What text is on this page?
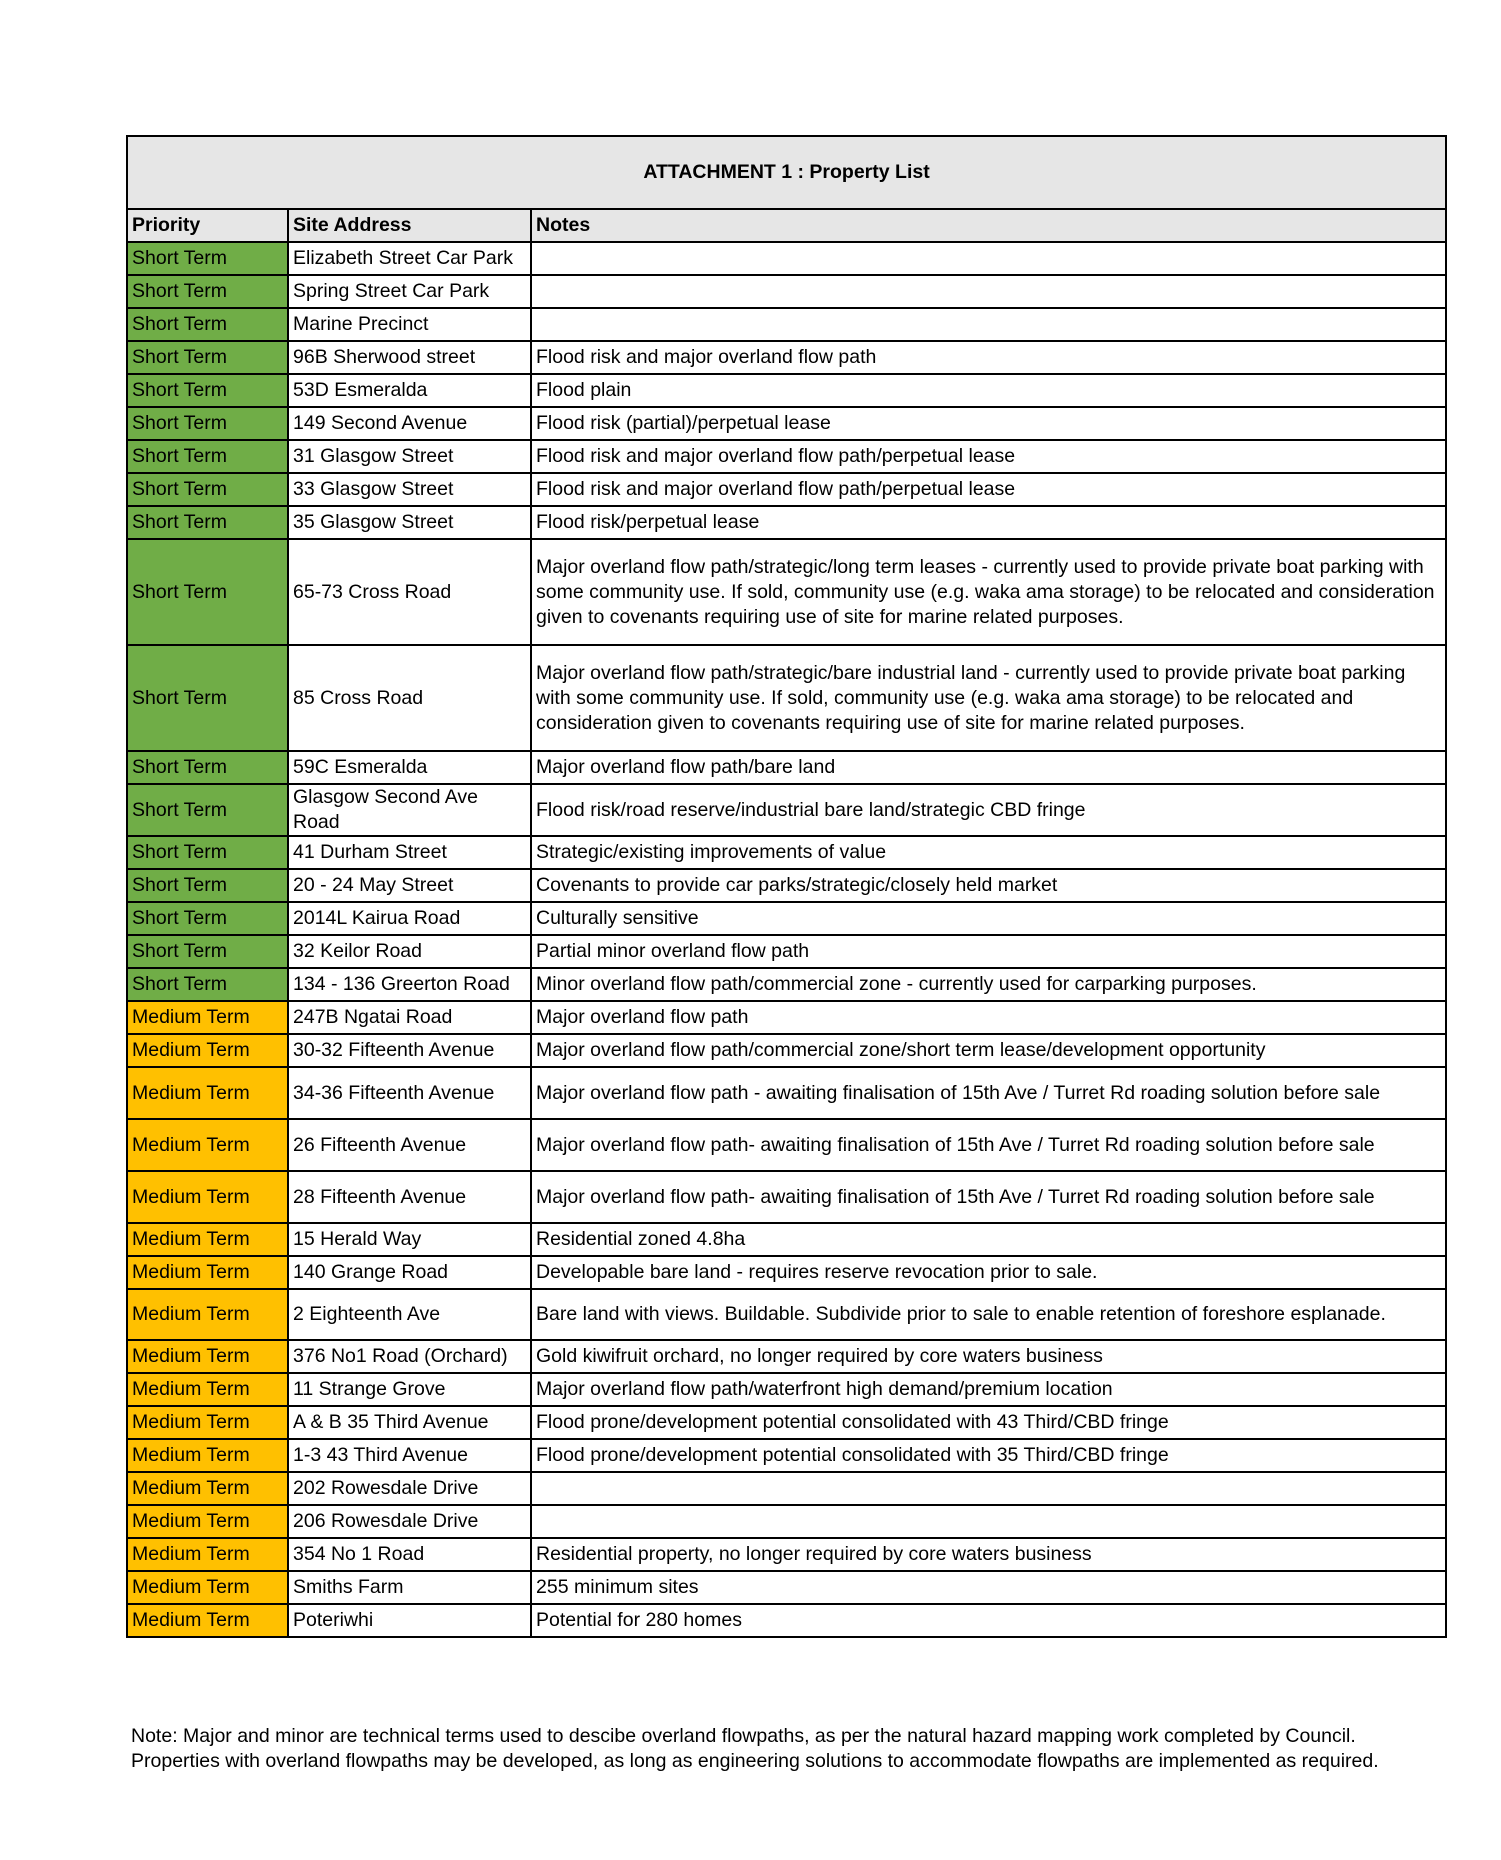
ATTACHMENT 1 : Property List		
Priority	Site Address	Notes
Short Term	Elizabeth Street Car Park	
Short Term	Spring Street Car Park	
Short Term	Marine Precinct	
Short Term	96B Sherwood street	Flood risk and major overland flow path
Short Term	53D Esmeralda	Flood plain
Short Term	149 Second Avenue	Flood risk (partial)/perpetual lease
Short Term	31 Glasgow Street	Flood risk and major overland flow path/perpetual lease
Short Term	33 Glasgow Street	Flood risk and major overland flow path/perpetual lease
Short Term	35 Glasgow Street	Flood risk/perpetual lease
Short Term	65-73 Cross Road	Major overland flow path/strategic/long term leases - currently used to provide private boat parking with some community use. If sold, community use (e.g. waka ama storage) to be relocated and consideration given to covenants requiring use of site for marine related purposes.
Short Term	85 Cross Road	Major overland flow path/strategic/bare industrial land - currently used to provide private boat parking with some community use. If sold, community use (e.g. waka ama storage) to be relocated and consideration given to covenants requiring use of site for marine related purposes.
Short Term	59C Esmeralda	Major overland flow path/bare land
Short Term	Glasgow Second Ave Road	Flood risk/road reserve/industrial bare land/strategic CBD fringe
Short Term	41 Durham Street	Strategic/existing improvements of value
Short Term	20 - 24 May Street	Covenants to provide car parks/strategic/closely held market
Short Term	2014L Kairua Road	Culturally sensitive
Short Term	32 Keilor Road	Partial minor overland flow path
Short Term	134 - 136 Greerton Road	Minor overland flow path/commercial zone - currently used for carparking purposes.
Medium Term	247B Ngatai Road	Major overland flow path
Medium Term	30-32 Fifteenth Avenue	Major overland flow path/commercial zone/short term lease/development opportunity
Medium Term	34-36 Fifteenth Avenue	Major overland flow path - awaiting finalisation of 15th Ave / Turret Rd roading solution before sale
Medium Term	26 Fifteenth Avenue	Major overland flow path- awaiting finalisation of 15th Ave / Turret Rd roading solution before sale
Medium Term	28 Fifteenth Avenue	Major overland flow path- awaiting finalisation of 15th Ave / Turret Rd roading solution before sale
Medium Term	15 Herald Way	Residential zoned 4.8ha
Medium Term	140 Grange Road	Developable bare land - requires reserve revocation prior to sale.
Medium Term	2 Eighteenth Ave	Bare land with views. Buildable. Subdivide prior to sale to enable retention of foreshore esplanade.
Medium Term	376 No1 Road (Orchard)	Gold kiwifruit orchard, no longer required by core waters business
Medium Term	11 Strange Grove	Major overland flow path/waterfront high demand/premium location
Medium Term	A & B 35 Third Avenue	Flood prone/development potential consolidated with 43 Third/CBD fringe
Medium Term	1-3 43 Third Avenue	Flood prone/development potential consolidated with 35 Third/CBD fringe
Medium Term	202 Rowesdale Drive	
Medium Term	206 Rowesdale Drive	
Medium Term	354 No 1 Road	Residential property, no longer required by core waters business
Medium Term	Smiths Farm	255 minimum sites
Medium Term	Poteriwhi	Potential for 280 homes

Note: Major and minor are technical terms used to descibe overland flowpaths, as per the natural hazard mapping work completed by Council.

Properties with overland flowpaths may be developed, as long as engineering solutions to accommodate flowpaths are implemented as required.
